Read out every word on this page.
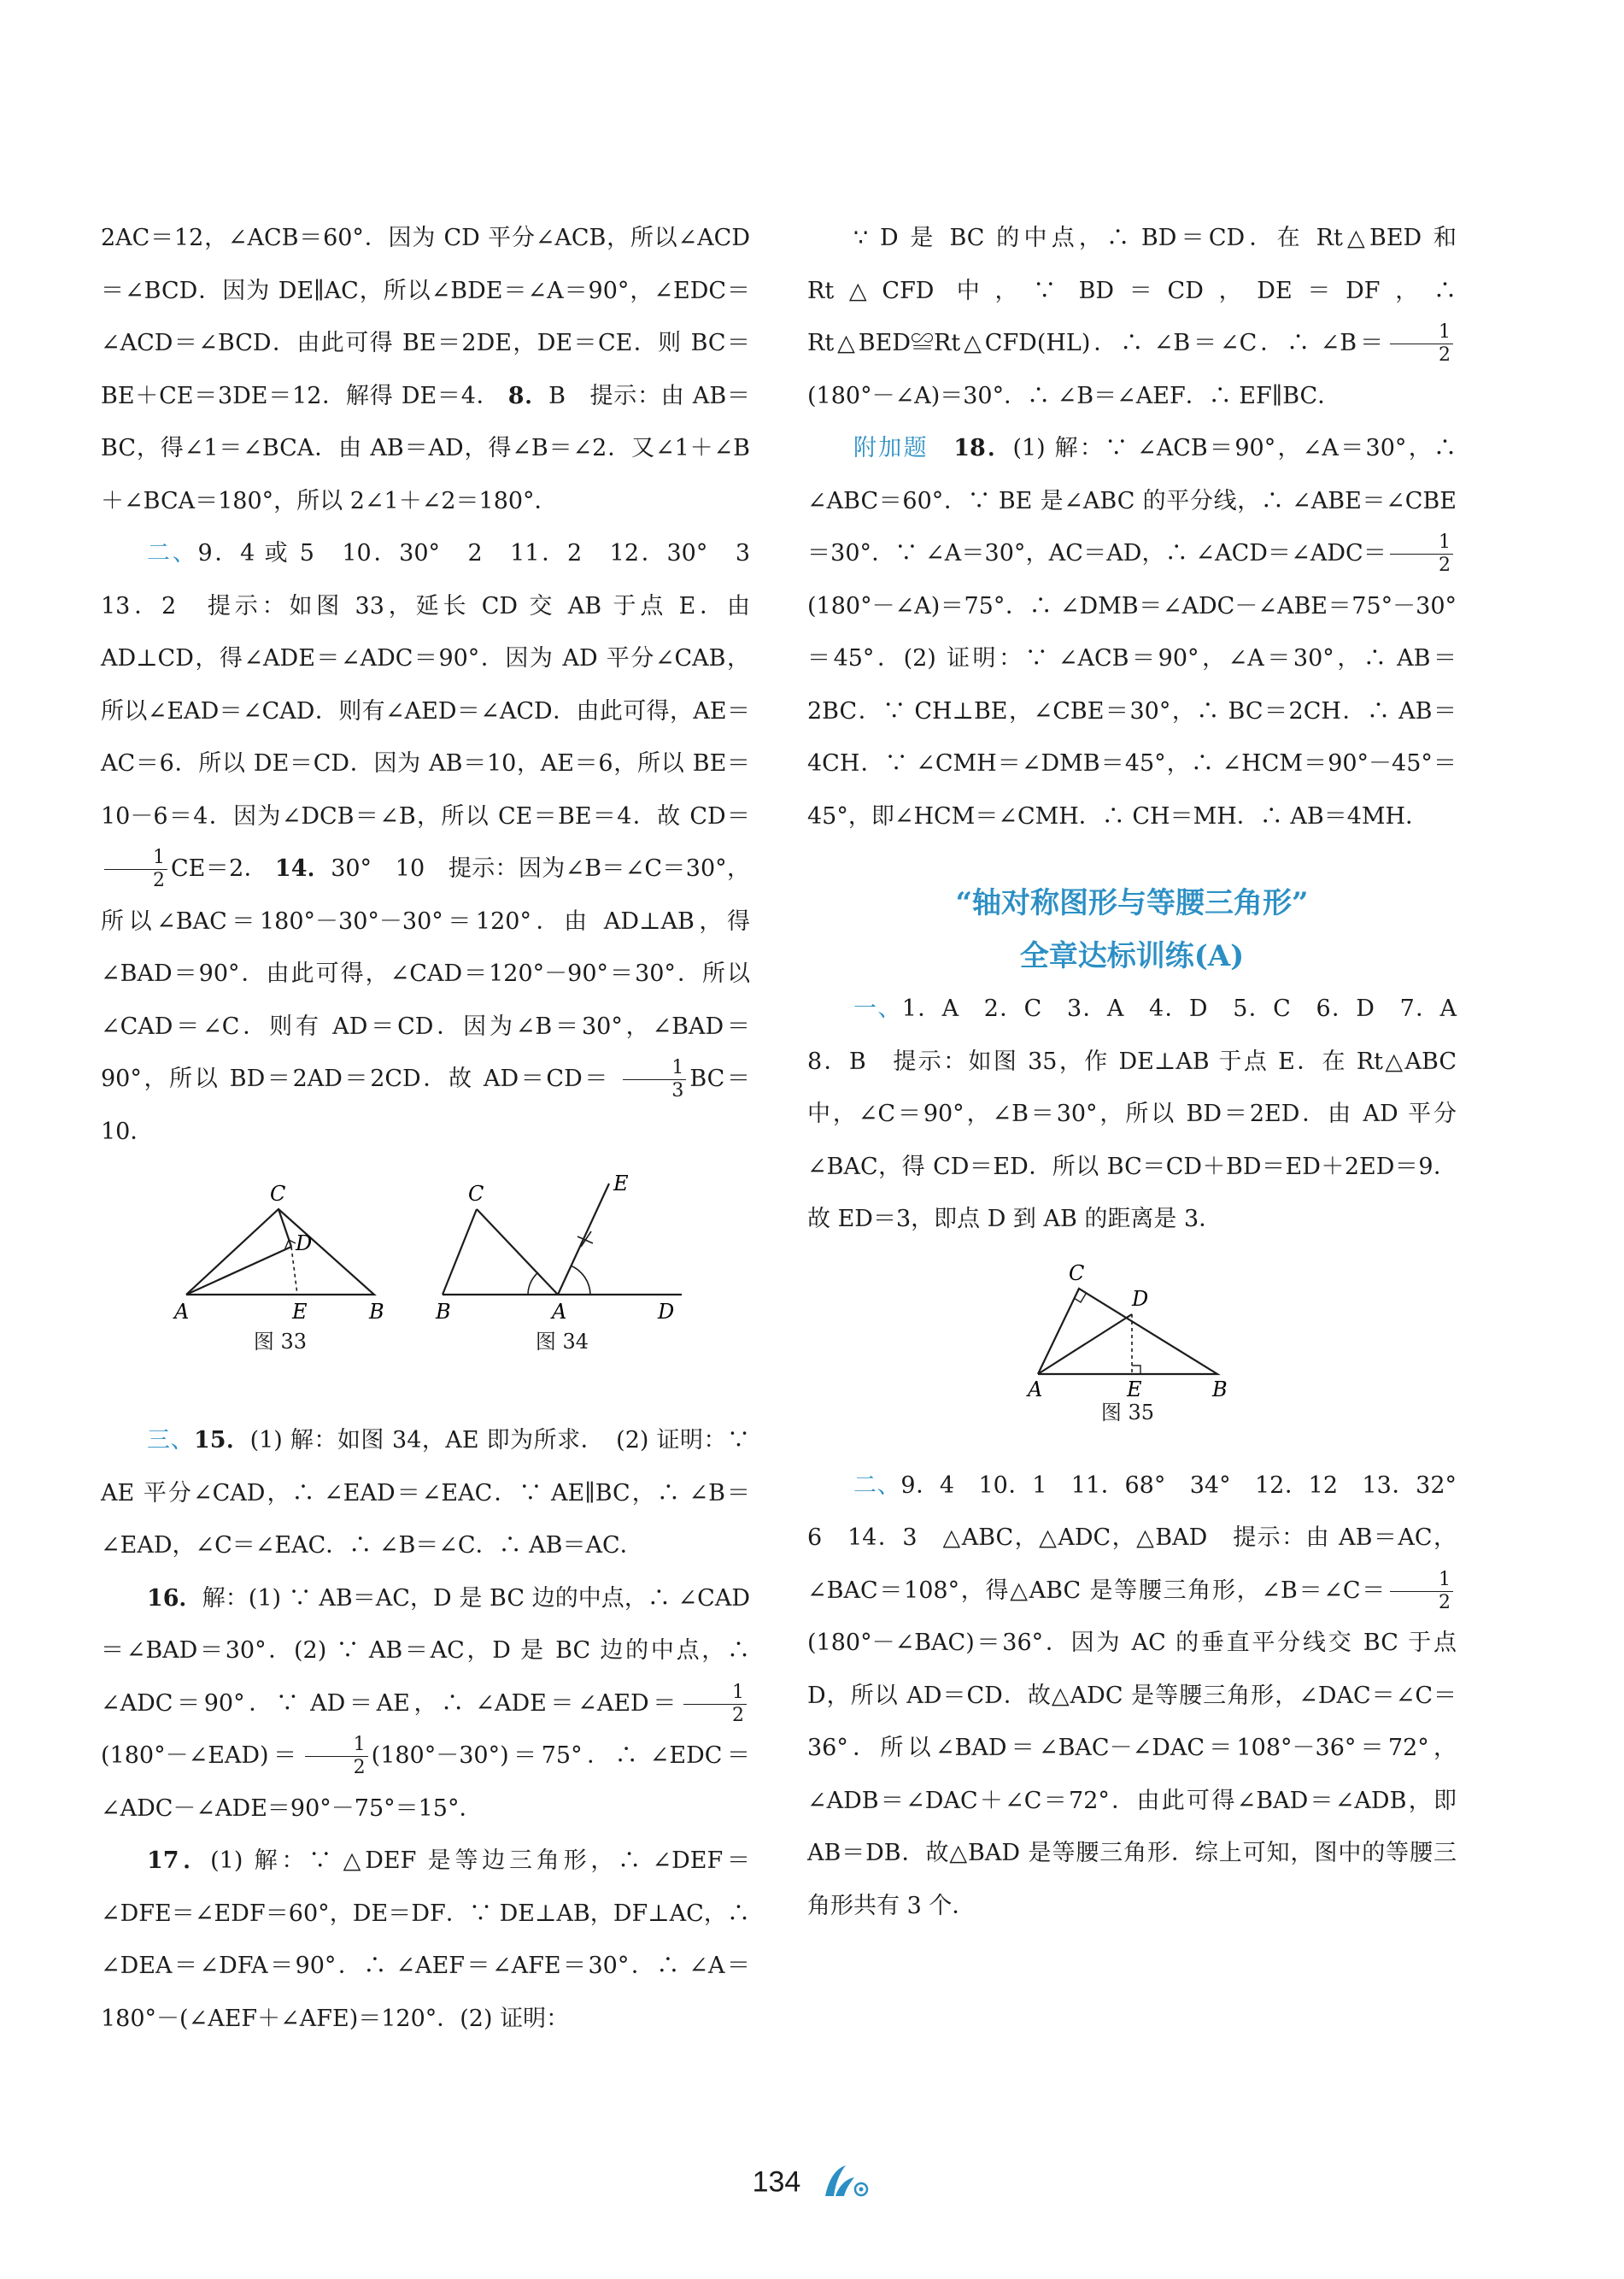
2AC＝12，∠ACB＝60°．因为 CD 平分∠ACB，所以∠ACD＝∠BCD．因为 DE∥AC，所以∠BDE＝∠A＝90°，∠EDC＝∠ACD＝∠BCD．由此可得 BE＝2DE，DE＝CE．则 BC＝BE＋CE＝3DE＝12．解得 DE＝4． 8．B　提示：由 AB＝BC，得∠1＝∠BCA．由 AB＝AD，得∠B＝∠2．又∠1＋∠B＋∠BCA＝180°，所以 2∠1＋∠2＝180°．

二、9．4 或 5　10．30°　2　11．2　12．30°　3　13．2　提示：如图 33，延长 CD 交 AB 于点 E．由 AD⊥CD，得∠ADE＝∠ADC＝90°．因为 AD 平分∠CAB，所以∠EAD＝∠CAD．则有∠AED＝∠ACD．由此可得，AE＝AC＝6．所以 DE＝CD．因为 AB＝10，AE＝6，所以 BE＝10－6＝4．因为∠DCB＝∠B，所以 CE＝BE＝4．故 CD＝
$\frac{1}{2} CE=2$． 14．30°　10　提示：因为∠B＝∠C＝30°，所以∠BAC＝180°－30°－30°＝120°．由 AD⊥AB，得∠BAD＝90°．由此可得，∠CAD＝120°－90°＝30°．所以∠CAD＝∠C．则有 AD＝CD．因为∠B＝30°，∠BAD＝90°，所以 BD＝2AD＝2CD．故 $AD=CD= \frac{1}{3} BC=10$．

C
D
A	E	B
图 33
C	E
B	A	D
图 34

三、15．(1) 解：如图 34，AE 即为所求．　(2) 证明：∵ AE 平分∠CAD，∴ ∠EAD＝∠EAC．∵ AE∥BC，∴ ∠B＝∠EAD，∠C＝∠EAC．∴ ∠B＝∠C．∴ AB＝AC．

16．解：(1) ∵ AB＝AC，D 是 BC 边的中点，∴ ∠CAD＝∠BAD＝30°．(2) ∵ AB＝AC，D 是 BC 边的中点，∴ ∠ADC＝90°．∵ AD＝AE，∴ ∠ADE＝∠AED＝ $\frac{1}{2}$
(180°－∠EAD)＝ $\frac{1}{2} (180^\circ-30^\circ)=75^\circ$．∴ ∠EDC＝∠ADC－∠ADE＝90°－75°＝15°．

17．(1) 解：∵ △DEF 是等边三角形，∴ ∠DEF＝∠DFE＝∠EDF＝60°，DE＝DF．∵ DE⊥AB，DF⊥AC，∴ ∠DEA＝∠DFA＝90°．∴ ∠AEF＝∠AFE＝30°．∴ ∠A＝180°－(∠AEF＋∠AFE)＝120°．(2) 证明：

∵ D 是 BC 的中点，∴ BD＝CD．在 Rt△BED 和 Rt△CFD 中，∵ BD＝CD，DE＝DF，∴ Rt△BED≌Rt△CFD(HL)．∴ ∠B＝∠C．∴ ∠B＝ $\frac{1}{2}$
(180°－∠A)＝30°．∴ ∠B＝∠AEF．∴ EF∥BC．

附加题　 18．(1) 解：∵ ∠ACB＝90°，∠A＝30°，∴ ∠ABC＝60°．∵ BE 是∠ABC 的平分线，∴ ∠ABE＝∠CBE＝30°．∵ ∠A＝30°，AC＝AD，∴ ∠ACD＝∠ADC＝ $\frac{1}{2}$
(180°－∠A)＝75°．∴ ∠DMB＝∠ADC－∠ABE＝75°－30°＝45°．(2) 证明：∵ ∠ACB＝90°，∠A＝30°，∴ AB＝2BC．∵ CH⊥BE，∠CBE＝30°，∴ BC＝2CH．∴ AB＝4CH．∵ ∠CMH＝∠DMB＝45°，∴ ∠HCM＝90°－45°＝45°，即∠HCM＝∠CMH．∴ CH＝MH．∴ AB＝4MH．

“轴对称图形与等腰三角形”
全章达标训练(A)

一、1．A　2．C　3．A　4．D　5．C　6．D　7．A　8．B　提示：如图 35，作 DE⊥AB 于点 E．在 Rt△ABC 中，∠C＝90°，∠B＝30°，所以 BD＝2ED．由 AD 平分∠BAC，得 CD＝ED．所以 BC＝CD＋BD＝ED＋2ED＝9．故 ED＝3，即点 D 到 AB 的距离是 3．

C
D
A	E	B
图 35

二、9．4　10．1　11．68°　34°　12．12　13．32°　6　14．3　△ABC，△ADC，△BAD　提示：由 AB＝AC，∠BAC＝108°，得△ABC 是等腰三角形，∠B＝∠C＝ $\frac{1}{2}$
(180°－∠BAC)＝36°．因为 AC 的垂直平分线交 BC 于点 D，所以 AD＝CD．故△ADC 是等腰三角形，∠DAC＝∠C＝36°．所以∠BAD＝∠BAC－∠DAC＝108°－36°＝72°，∠ADB＝∠DAC＋∠C＝72°．由此可得∠BAD＝∠ADB，即 AB＝DB．故△BAD 是等腰三角形．综上可知，图中的等腰三角形共有 3 个．

134
